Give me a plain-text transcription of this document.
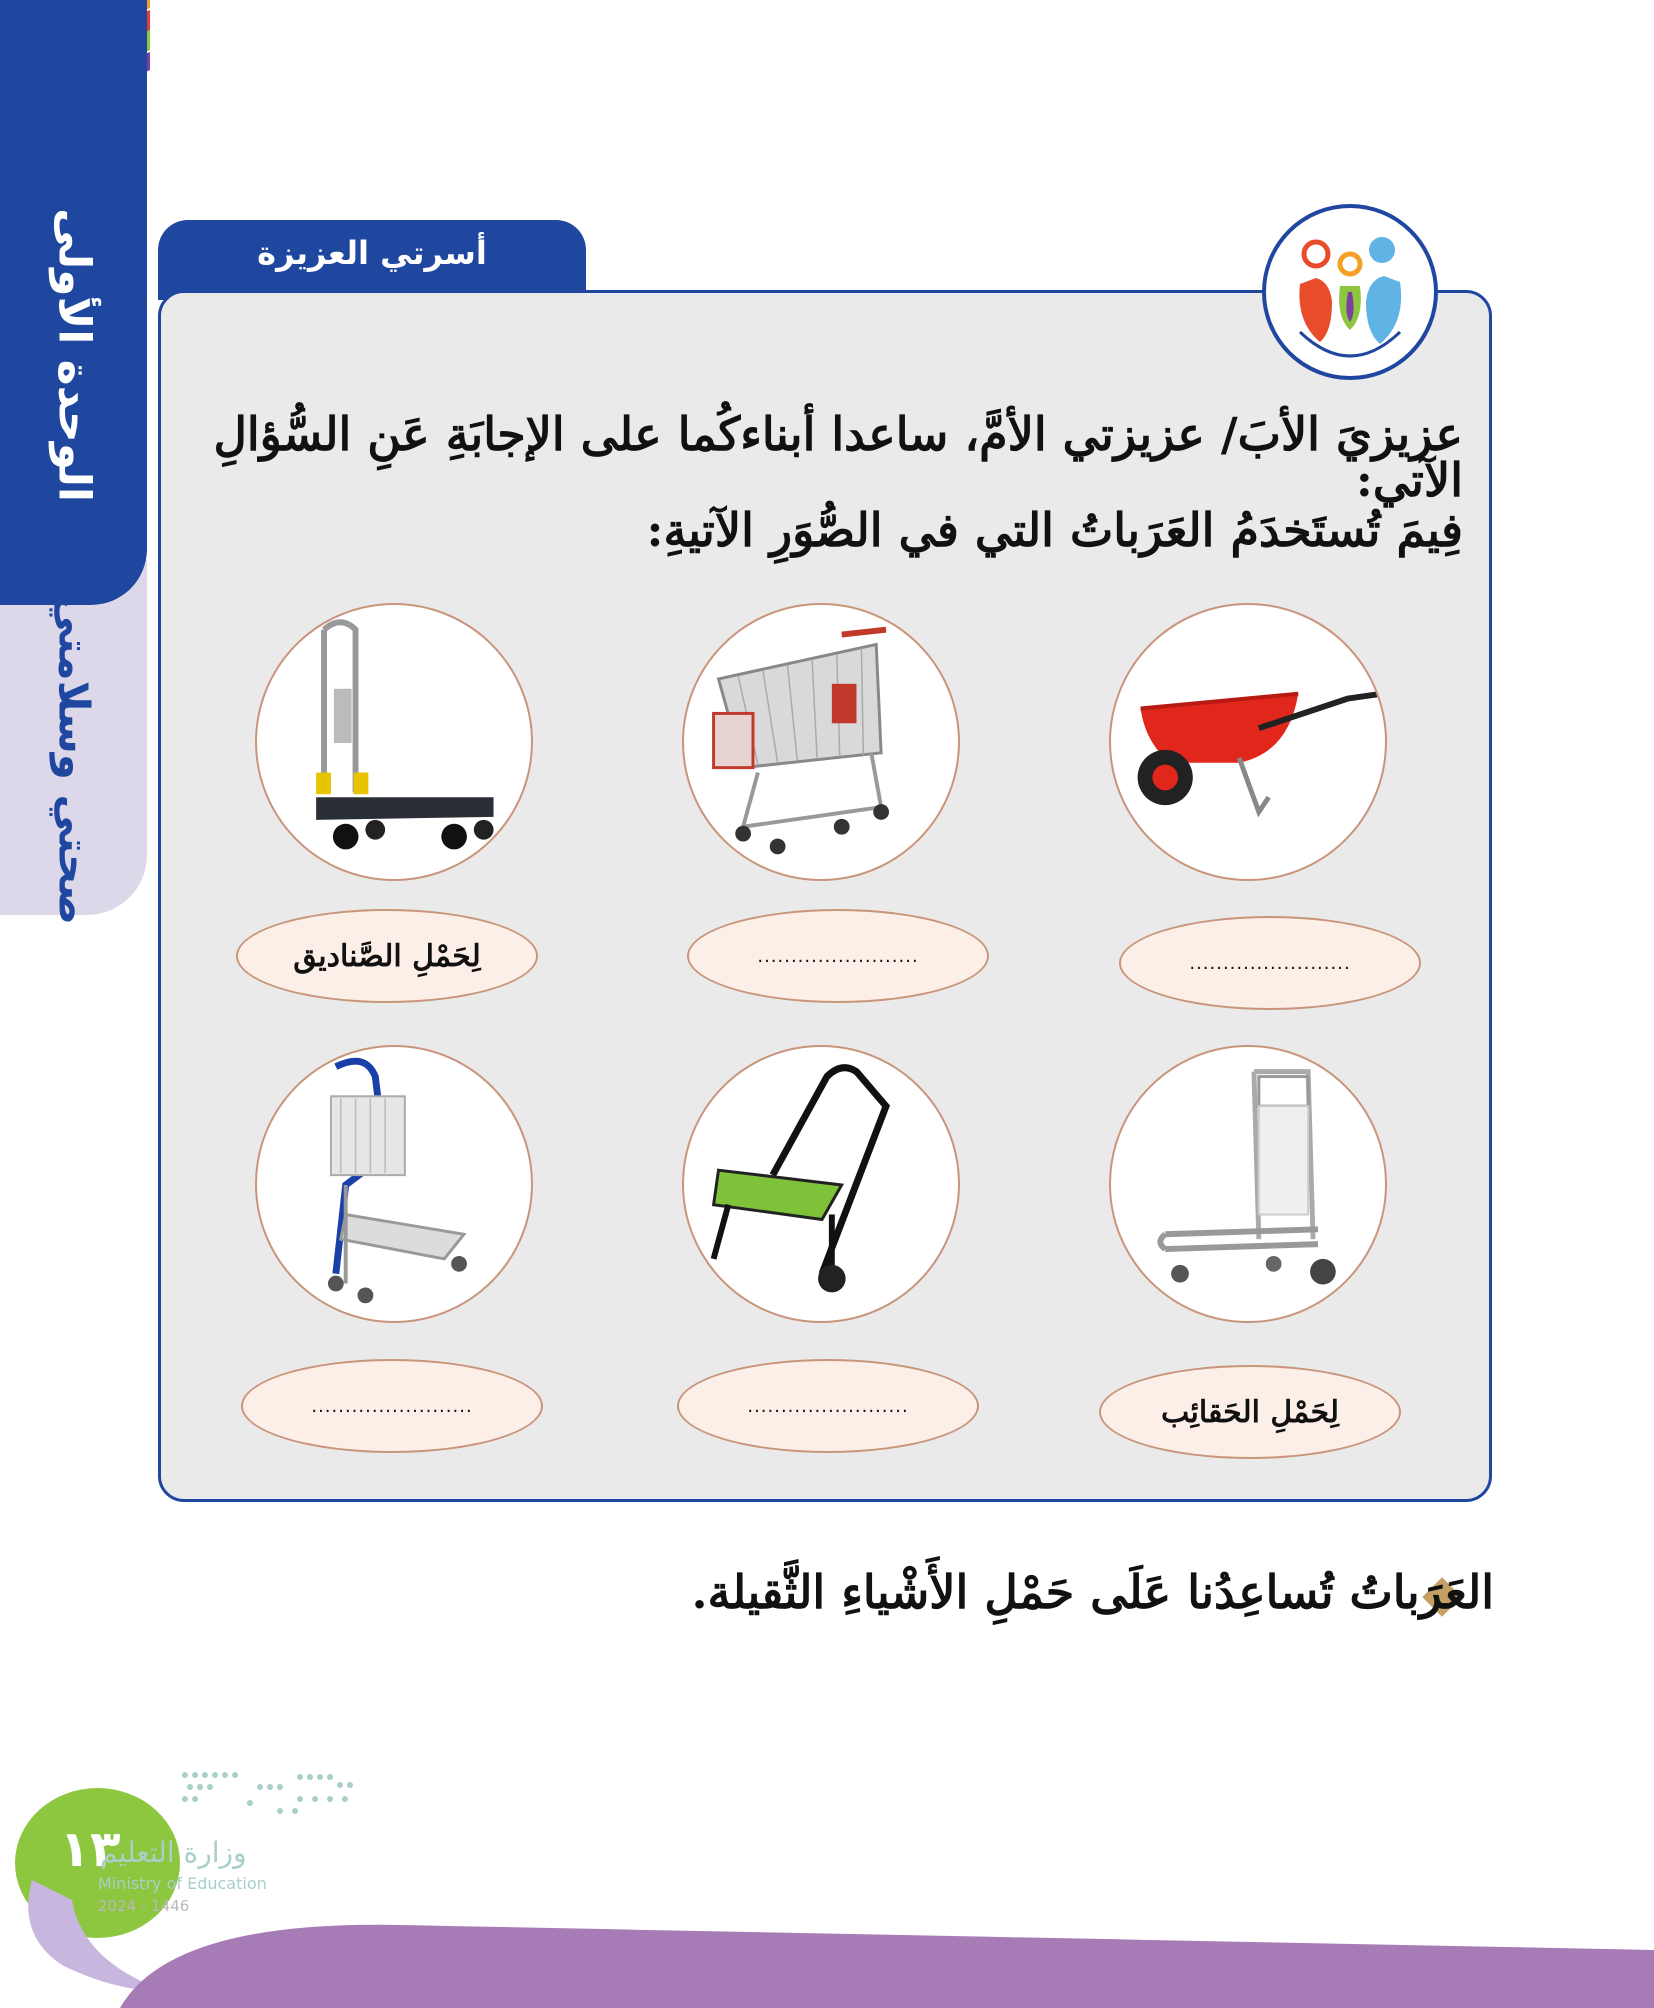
الوحدة الأولى
صحتي وسلامتي
أسرتي العزيزة
عزيزيَ الأبَ/ عزيزتي الأمَّ، ساعدا أبناءكُما على الإجابَةِ عَنِ السُّؤالِ الآتي:
فِيمَ تُستَخدَمُ العَرَباتُ التي في الصُّوَرِ الآتيةِ:
........................
........................
لِحَمْلِ الصَّناديق
لِحَمْلِ الحَقائِب
........................
........................
العَرَباتُ تُساعِدُنا عَلَى حَمْلِ الأَشْياءِ الثَّقيلة.
١٣
وزارة التعليم
Ministry of Education
2024 - 1446
